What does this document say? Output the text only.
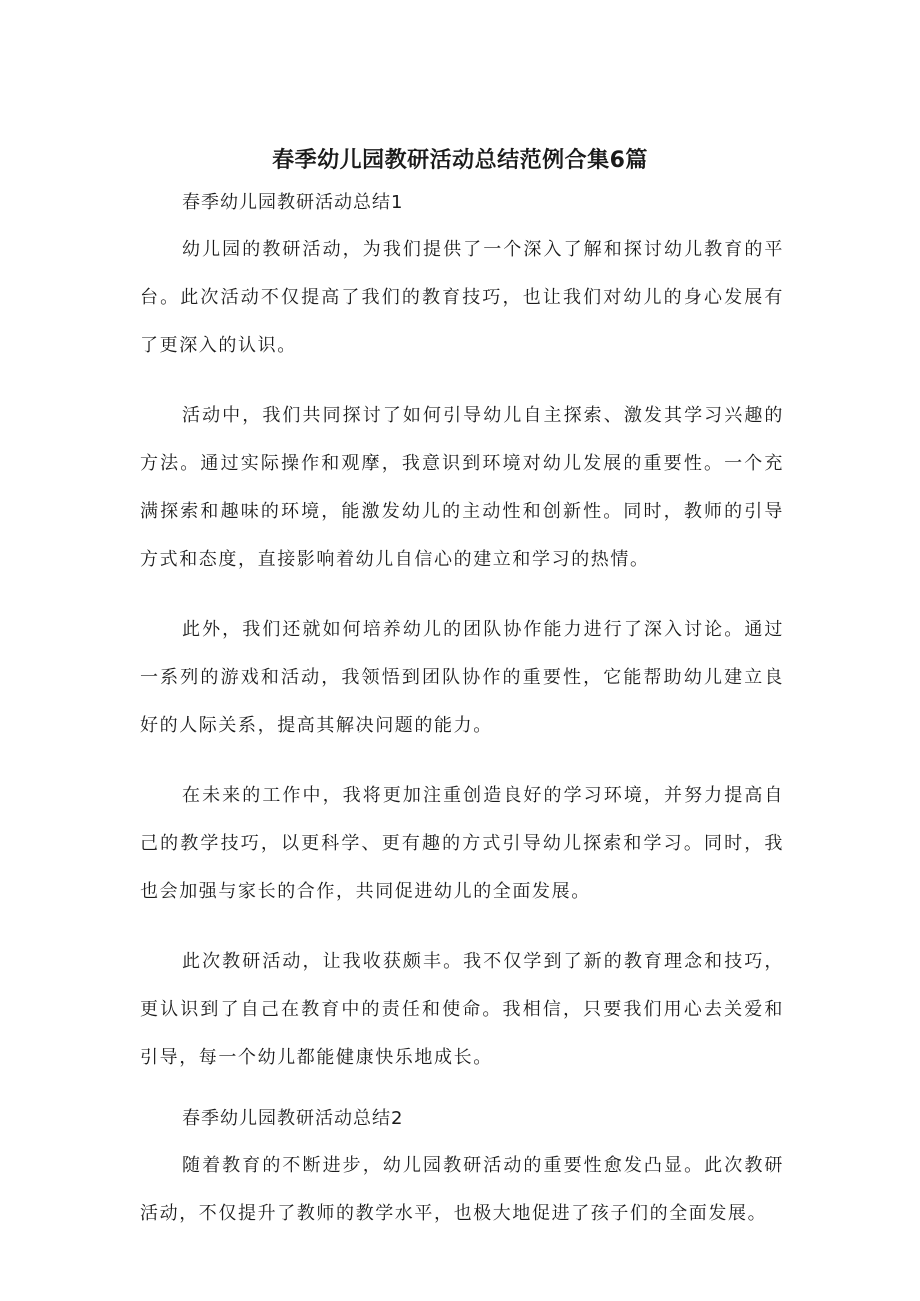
春季幼儿园教研活动总结范例合集6篇

春季幼儿园教研活动总结1

幼儿园的教研活动，为我们提供了一个深入了解和探讨幼儿教育的平台。此次活动不仅提高了我们的教育技巧，也让我们对幼儿的身心发展有了更深入的认识。

活动中，我们共同探讨了如何引导幼儿自主探索、激发其学习兴趣的方法。通过实际操作和观摩，我意识到环境对幼儿发展的重要性。一个充满探索和趣味的环境，能激发幼儿的主动性和创新性。同时，教师的引导方式和态度，直接影响着幼儿自信心的建立和学习的热情。

此外，我们还就如何培养幼儿的团队协作能力进行了深入讨论。通过一系列的游戏和活动，我领悟到团队协作的重要性，它能帮助幼儿建立良好的人际关系，提高其解决问题的能力。

在未来的工作中，我将更加注重创造良好的学习环境，并努力提高自己的教学技巧，以更科学、更有趣的方式引导幼儿探索和学习。同时，我也会加强与家长的合作，共同促进幼儿的全面发展。

此次教研活动，让我收获颇丰。我不仅学到了新的教育理念和技巧，更认识到了自己在教育中的责任和使命。我相信，只要我们用心去关爱和引导，每一个幼儿都能健康快乐地成长。

春季幼儿园教研活动总结2

随着教育的不断进步，幼儿园教研活动的重要性愈发凸显。此次教研活动，不仅提升了教师的教学水平，也极大地促进了孩子们的全面发展。
